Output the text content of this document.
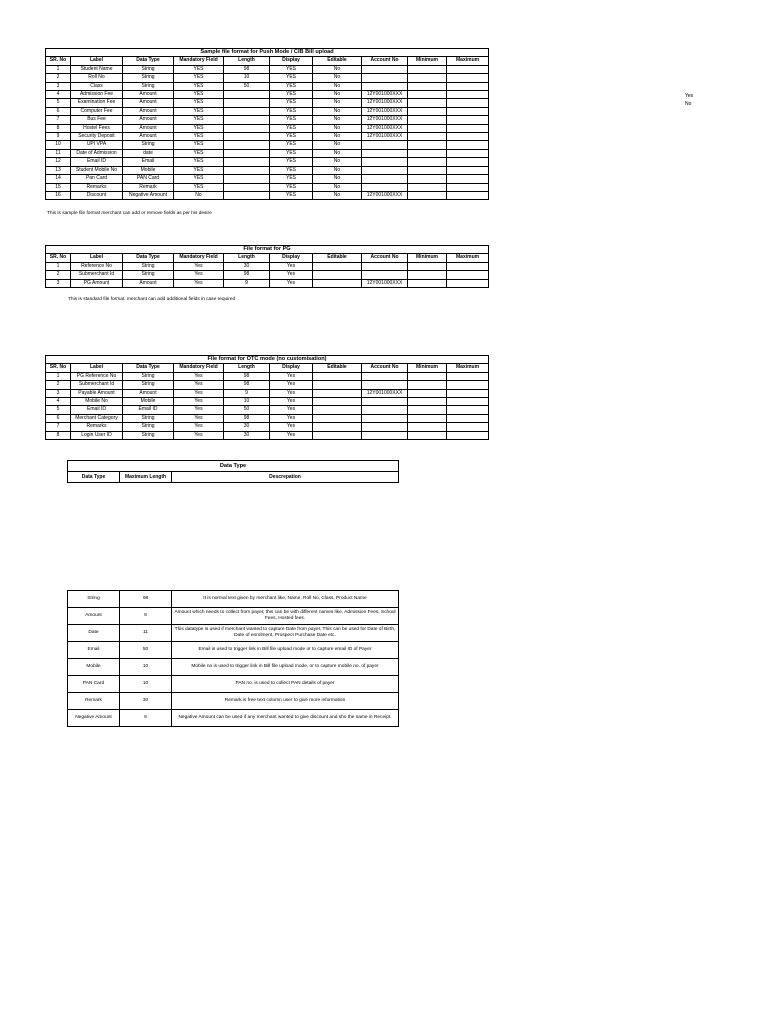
Sample file format for Push Mode / CIB Bill upload									
SR. No	Label	Data Type	Mandatory Field	Length	Display	Editable	Account No	Minimum	Maximum
1	Student Name	String	YES	98	YES	No			
2	Roll No	String	YES	10	YES	No			
3	Class	String	YES	50	YES	No			
4	Admission Fee	Amount	YES		YES	No	12Y001000XXX		
5	Examination Fee	Amount	YES		YES	No	12Y001000XXX		
6	Computer Fee	Amount	YES		YES	No	12Y001000XXX		
7	Bus Fee	Amount	YES		YES	No	12Y001000XXX		
8	Hostel Fees	Amount	YES		YES	No	12Y001000XXX		
9	Security Deposit	Amount	YES		YES	No	12Y001000XXX		
10	UPI VPA	String	YES		YES	No			
11	Date of Admission	date	YES		YES	No			
12	Email ID	Email	YES		YES	No			
13	Student Mobile No	Mobile	YES		YES	No			
14	Pan Card	PAN Card	YES		YES	No			
15	Remarks	Remark	YES		YES	No			
16	Discount	Negative Amount	No		YES	No	12Y001000XXX		
Yes
No
This is sample file format merchant can add or remove fields as per his desire
File format for PG									
SR. No	Label	Data Type	Mandatory Field	Length	Display	Editable	Account No	Minimum	Maximum
1	Reference No	String	Yes	30	Yes				
2	Submerchant Id	String	Yes	98	Yes				
3	PG Amount	Amount	Yes	9	Yes		12Y001000XXX		
This is standard file format, merchant can add additional fields in case required
File format for OTC mode (no customisation)									
SR. No	Label	Data Type	Mandatory Field	Length	Display	Editable	Account No	Minimum	Maximum
1	PG Reference No	String	Yes	98	Yes				
2	Submerchant Id	String	Yes	98	Yes				
3	Payable Amount	Amount	Yes	9	Yes		12Y001000XXX		
4	Mobile No	Mobile	Yes	10	Yes				
5	Email ID	Email ID	Yes	50	Yes				
6	Merchant Category	String	Yes	98	Yes				
7	Remarks	String	Yes	30	Yes				
8	Login User ID	String	Yes	30	Yes				
Data Type
Data Type	Maximum Length	Descrepation
String	98	It is normal text given by merchant like, Name, Roll No, Class, Product Name
Amount	9	Amount which needs to collect from payer, this can be with different names like, Admission Fees, School Fees, Hosted fees.
Date	11	This datatype is used if merchant wanted to capture Date from payer, This can be used for Date of Birth, Date of enrolment, Prospect Purchase Date etc.
Email	50	Email is used to trigger link in Bill file upload mode or to capture email ID of Payer
Mobile	10	Mobile no is used to trigger link in Bill file upload mode, or to capture mobile no. of payer
PAN Card	10	PAN no. is used to collect PAN details of payer
Remark	30	Remark is free text column user to give more information
Negative Amount	9	Negative Amount can be used if any merchant wanted to give discount and sho the same in Receipt.
